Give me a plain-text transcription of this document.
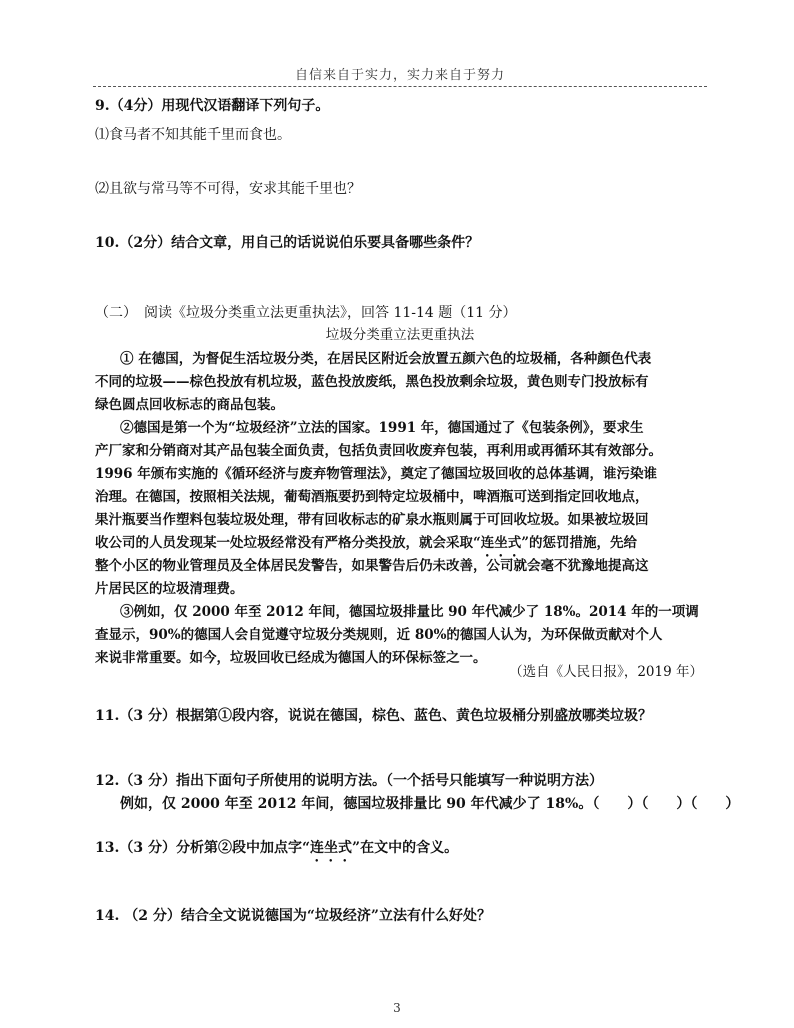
自信来自于实力，实力来自于努力
9.（4分）用现代汉语翻译下列句子。
⑴食马者不知其能千里而食也。
⑵且欲与常马等不可得，安求其能千里也？
10.（2分）结合文章，用自己的话说说伯乐要具备哪些条件？
（二）　阅读《垃圾分类重立法更重执法》，回答 11-14 题（11 分）
垃圾分类重立法更重执法
① 在德国，为督促生活垃圾分类，在居民区附近会放置五颜六色的垃圾桶，各种颜色代表
不同的垃圾——棕色投放有机垃圾，蓝色投放废纸，黑色投放剩余垃圾，黄色则专门投放标有
绿色圆点回收标志的商品包装。
②德国是第一个为“垃圾经济”立法的国家。1991 年，德国通过了《包装条例》，要求生
产厂家和分销商对其产品包装全面负责，包括负责回收废弃包装，再利用或再循环其有效部分。
1996 年颁布实施的《循环经济与废弃物管理法》，奠定了德国垃圾回收的总体基调，谁污染谁
治理。在德国，按照相关法规，葡萄酒瓶要扔到特定垃圾桶中，啤酒瓶可送到指定回收地点，
果汁瓶要当作塑料包装垃圾处理，带有回收标志的矿泉水瓶则属于可回收垃圾。如果被垃圾回
收公司的人员发现某一处垃圾经常没有严格分类投放，就会采取“连坐式”的惩罚措施，先给
整个小区的物业管理员及全体居民发警告，如果警告后仍未改善，公司就会毫不犹豫地提高这
片居民区的垃圾清理费。
③例如，仅 2000 年至 2012 年间，德国垃圾排量比 90 年代减少了 18%。2014 年的一项调
查显示，90%的德国人会自觉遵守垃圾分类规则，近 80%的德国人认为，为环保做贡献对个人
来说非常重要。如今，垃圾回收已经成为德国人的环保标签之一。
（选自《人民日报》，2019 年）
11.（3 分）根据第①段内容，说说在德国，棕色、蓝色、黄色垃圾桶分别盛放哪类垃圾？
12.（3 分）指出下面句子所使用的说明方法。（一个括号只能填写一种说明方法）
例如，仅 2000 年至 2012 年间，德国垃圾排量比 90 年代减少了 18%。（　　）（　　）（　　）
13.（3 分）分析第②段中加点字“连坐式”在文中的含义。
14. （2 分）结合全文说说德国为“垃圾经济”立法有什么好处？
3
